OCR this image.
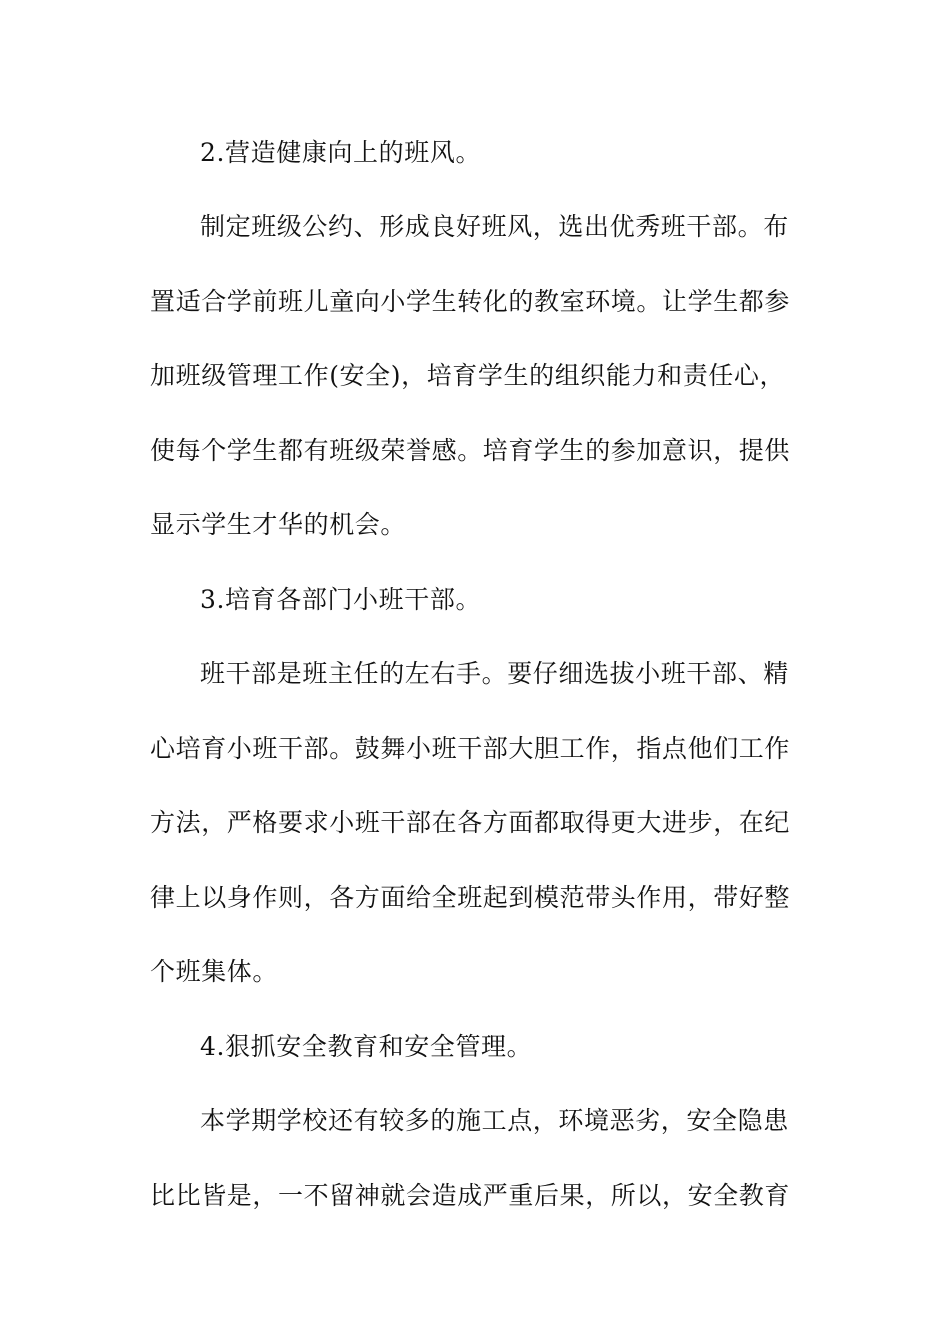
2.营造健康向上的班风。
制定班级公约、形成良好班风，选出优秀班干部。布
置适合学前班儿童向小学生转化的教室环境。让学生都参
加班级管理工作(安全)，培育学生的组织能力和责任心，
使每个学生都有班级荣誉感。培育学生的参加意识，提供
显示学生才华的机会。
3.培育各部门小班干部。
班干部是班主任的左右手。要仔细选拔小班干部、精
心培育小班干部。鼓舞小班干部大胆工作，指点他们工作
方法，严格要求小班干部在各方面都取得更大进步，在纪
律上以身作则，各方面给全班起到模范带头作用，带好整
个班集体。
4.狠抓安全教育和安全管理。
本学期学校还有较多的施工点，环境恶劣，安全隐患
比比皆是，一不留神就会造成严重后果，所以，安全教育
